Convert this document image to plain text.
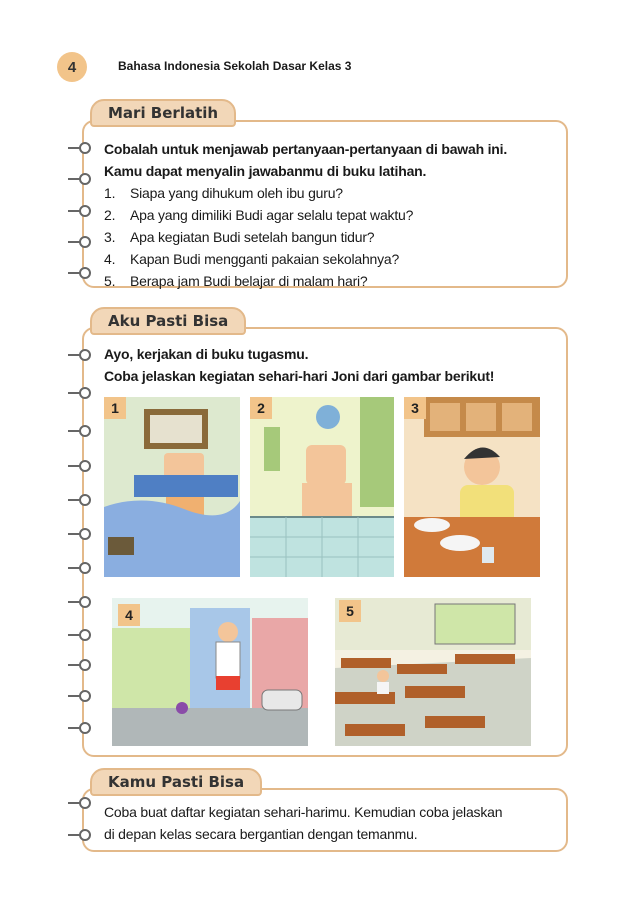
4	Bahasa Indonesia Sekolah Dasar Kelas 3
Mari Berlatih
Cobalah untuk menjawab pertanyaan-pertanyaan di bawah ini.
Kamu dapat menyalin jawabanmu di buku latihan.
1. Siapa yang dihukum oleh ibu guru?
2. Apa yang dimiliki Budi agar selalu tepat waktu?
3. Apa kegiatan Budi setelah bangun tidur?
4. Kapan Budi mengganti pakaian sekolahnya?
5. Berapa jam Budi belajar di malam hari?
Aku Pasti Bisa
Ayo, kerjakan di buku tugasmu.
Coba jelaskan kegiatan sehari-hari Joni dari gambar berikut!
1	2	3
4	5
Kamu Pasti Bisa
Coba buat daftar kegiatan sehari-harimu. Kemudian coba jelaskan
di depan kelas secara bergantian dengan temanmu.
